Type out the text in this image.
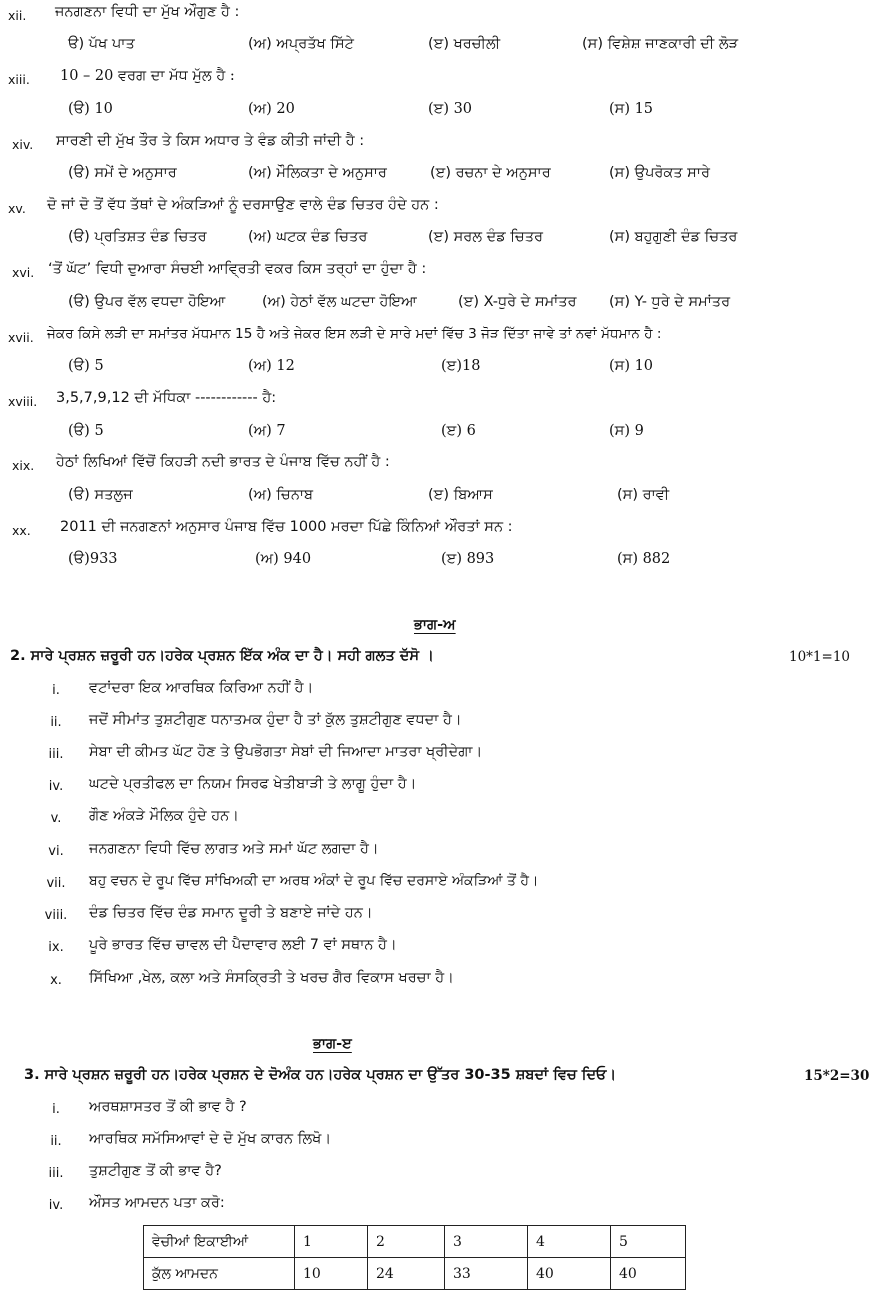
xii. ਜਨਗਣਨਾ ਵਿਧੀ ਦਾ ਮੁੱਖ ਔਗੁਣ ਹੈ :
ੳ) ਪੱਖ ਪਾਤ	(ਅ) ਅਪ੍ਰਤੱਖ ਸਿੱਟੇ	(ੲ) ਖਰਚੀਲੀ	(ਸ) ਵਿਸ਼ੇਸ਼ ਜਾਣਕਾਰੀ ਦੀ ਲੋੜ
xiii. 10 – 20 ਵਰਗ ਦਾ ਮੱਧ ਮੁੱਲ ਹੈ :
(ੳ) 10	(ਅ) 20	(ੲ) 30	(ਸ) 15
xiv. ਸਾਰਣੀ ਦੀ ਮੁੱਖ ਤੌਰ ਤੇ ਕਿਸ ਅਧਾਰ ਤੇ ਵੰਡ ਕੀਤੀ ਜਾਂਦੀ ਹੈ :
(ੳ) ਸਮੇਂ ਦੇ ਅਨੁਸਾਰ	(ਅ) ਮੌਲਿਕਤਾ ਦੇ ਅਨੁਸਾਰ	(ੲ) ਰਚਨਾ ਦੇ ਅਨੁਸਾਰ	(ਸ) ਉਪਰੋਕਤ ਸਾਰੇ
xv. ਦੋ ਜਾਂ ਦੋ ਤੋਂ ਵੱਧ ਤੱਥਾਂ ਦੇ ਅੰਕੜਿਆਂ ਨੂੰ ਦਰਸਾਉਣ ਵਾਲੇ ਦੰਡ ਚਿਤਰ ਹੰਦੇ ਹਨ :
(ੳ) ਪ੍ਰਤਿਸ਼ਤ ਦੰਡ ਚਿਤਰ	(ਅ) ਘਟਕ ਦੰਡ ਚਿਤਰ	(ੲ) ਸਰਲ ਦੰਡ ਚਿਤਰ	(ਸ) ਬਹੁਗੁਣੀ ਦੰਡ ਚਿਤਰ
xvi. ‘ਤੋਂ ਘੱਟ’ ਵਿਧੀ ਦੁਆਰਾ ਸੰਚਈ ਆਵ੍ਰਿਤੀ ਵਕਰ ਕਿਸ ਤਰ੍ਹਾਂ ਦਾ ਹੁੰਦਾ ਹੈ :
(ੳ) ਉਪਰ ਵੱਲ ਵਧਦਾ ਹੋਇਆ	(ਅ) ਹੇਠਾਂ ਵੱਲ ਘਟਦਾ ਹੋਇਆ	(ੲ) X-ਧੁਰੇ ਦੇ ਸਮਾਂਤਰ (ਸ) Y- ਧੁਰੇ ਦੇ ਸਮਾਂਤਰ
xvii. ਜੇਕਰ ਕਿਸੇ ਲੜੀ ਦਾ ਸਮਾਂਤਰ ਮੱਧਮਾਨ 15 ਹੈ ਅਤੇ ਜੇਕਰ ਇਸ ਲੜੀ ਦੇ ਸਾਰੇ ਮਦਾਂ ਵਿੱਚ 3 ਜੋੜ ਦਿੱਤਾ ਜਾਵੇ ਤਾਂ ਨਵਾਂ ਮੱਧਮਾਨ ਹੈ :
(ੳ) 5	(ਅ) 12	(ੲ)18	(ਸ) 10
xviii. 3,5,7,9,12 ਦੀ ਮੱਧਿਕਾ ------------ ਹੈ:
(ੳ) 5	(ਅ) 7	(ੲ) 6	(ਸ) 9
xix. ਹੇਠਾਂ ਲਿਖਿਆਂ ਵਿੱਚੋਂ ਕਿਹੜੀ ਨਦੀ ਭਾਰਤ ਦੇ ਪੰਜਾਬ ਵਿੱਚ ਨਹੀਂ ਹੈ :
(ੳ) ਸਤਲੁਜ	(ਅ) ਚਿਨਾਬ	(ੲ) ਬਿਆਸ	(ਸ) ਰਾਵੀ
xx. 2011 ਦੀ ਜਨਗਣਨਾਂ ਅਨੁਸਾਰ ਪੰਜਾਬ ਵਿੱਚ 1000 ਮਰਦਾ ਪਿੱਛੇ ਕਿੰਨਿਆਂ ਔਰਤਾਂ ਸਨ :
(ੳ)933	(ਅ) 940	(ੲ) 893	(ਸ) 882
ਭਾਗ-ਅ
2. ਸਾਰੇ ਪ੍ਰਸ਼ਨ ਜ਼ਰੂਰੀ ਹਨ।ਹਰੇਕ ਪ੍ਰਸ਼ਨ ਇੱਕ ਅੰਕ ਦਾ ਹੈ। ਸਹੀ ਗਲਤ ਦੱਸੋ ।	10*1=10
i.	ਵਟਾਂਦਰਾ ਇਕ ਆਰਥਿਕ ਕਿਰਿਆ ਨਹੀਂ ਹੈ।
ii.	ਜਦੋਂ ਸੀਮਾਂਤ ਤੁਸ਼ਟੀਗੁਣ ਧਨਾਤਮਕ ਹੁੰਦਾ ਹੈ ਤਾਂ ਕੁੱਲ ਤੁਸ਼ਟੀਗੁਣ ਵਧਦਾ ਹੈ।
iii.	ਸੇਬਾ ਦੀ ਕੀਮਤ ਘੱਟ ਹੋਣ ਤੇ ਉਪਭੋਗਤਾ ਸੇਬਾਂ ਦੀ ਜਿਆਦਾ ਮਾਤਰਾ ਖ੍ਰੀਦੇਗਾ।
iv.	ਘਟਦੇ ਪ੍ਰਤੀਫਲ ਦਾ ਨਿਯਮ ਸਿਰਫ ਖੇਤੀਬਾੜੀ ਤੇ ਲਾਗੂ ਹੁੰਦਾ ਹੈ।
v.	ਗੌਣ ਅੰਕੜੇ ਮੌਲਿਕ ਹੁੰਦੇ ਹਨ।
vi.	ਜਨਗਣਨਾ ਵਿਧੀ ਵਿੱਚ ਲਾਗਤ ਅਤੇ ਸਮਾਂ ਘੱਟ ਲਗਦਾ ਹੈ।
vii.	ਬਹੁ ਵਚਨ ਦੇ ਰੂਪ ਵਿੱਚ ਸਾਂਖਿਅਕੀ ਦਾ ਅਰਥ ਅੰਕਾਂ ਦੇ ਰੂਪ ਵਿੱਚ ਦਰਸਾਏ ਅੰਕੜਿਆਂ ਤੋਂ ਹੈ।
viii.	ਦੰਡ ਚਿਤਰ ਵਿੱਚ ਦੰਡ ਸਮਾਨ ਦੂਰੀ ਤੇ ਬਣਾਏ ਜਾਂਦੇ ਹਨ।
ix.	ਪੂਰੇ ਭਾਰਤ ਵਿੱਚ ਚਾਵਲ ਦੀ ਪੈਦਾਵਾਰ ਲਈ 7 ਵਾਂ ਸਥਾਨ ਹੈ।
x.	ਸਿੱਖਿਆ ,ਖੇਲ, ਕਲਾ ਅਤੇ ਸੰਸਕ੍ਰਿਤੀ ਤੇ ਖਰਚ ਗੈਰ ਵਿਕਾਸ ਖਰਚਾ ਹੈ।
ਭਾਗ-ੲ
3. ਸਾਰੇ ਪ੍ਰਸ਼ਨ ਜ਼ਰੂਰੀ ਹਨ।ਹਰੇਕ ਪ੍ਰਸ਼ਨ ਦੇ ਦੋਅੰਕ ਹਨ।ਹਰੇਕ ਪ੍ਰਸ਼ਨ ਦਾ ਉੱਤਰ 30-35 ਸ਼ਬਦਾਂ ਵਿਚ ਦਿਓ।	15*2=30
i.	ਅਰਥਸ਼ਾਸਤਰ ਤੋਂ ਕੀ ਭਾਵ ਹੈ ?
ii.	ਆਰਥਿਕ ਸਮੱਸਿਆਵਾਂ ਦੇ ਦੋ ਮੁੱਖ ਕਾਰਨ ਲਿਖੋ।
iii.	ਤੁਸ਼ਟੀਗੁਣ ਤੋਂ ਕੀ ਭਾਵ ਹੈ?
iv.	ਔਸਤ ਆਮਦਨ ਪਤਾ ਕਰੋ:
ਵੇਚੀਆਂ ਇਕਾਈਆਂ	1	2	3	4	5
ਕੁੱਲ ਆਮਦਨ	10	24	33	40	40
